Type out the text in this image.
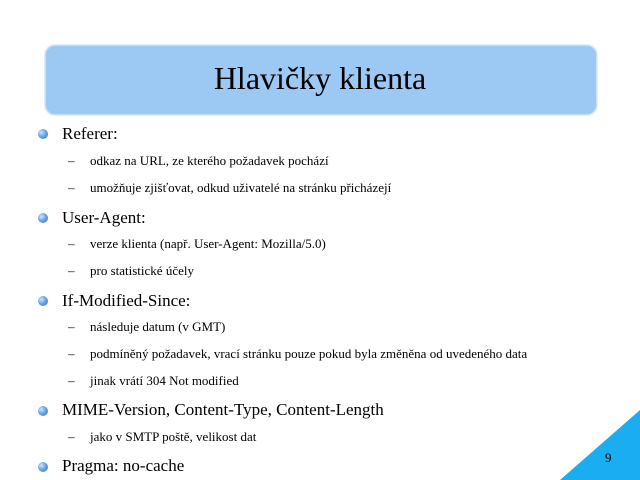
Hlavičky klienta
Referer:
– odkaz na URL, ze kterého požadavek pochází
– umožňuje zjišťovat, odkud uživatelé na stránku přicházejí
User-Agent:
– verze klienta (např. User-Agent: Mozilla/5.0)
– pro statistické účely
If-Modified-Since:
– následuje datum (v GMT)
– podmíněný požadavek, vrací stránku pouze pokud byla změněna od uvedeného data
– jinak vrátí 304 Not modified
MIME-Version, Content-Type, Content-Length
– jako v SMTP poště, velikost dat
Pragma: no-cache	9
